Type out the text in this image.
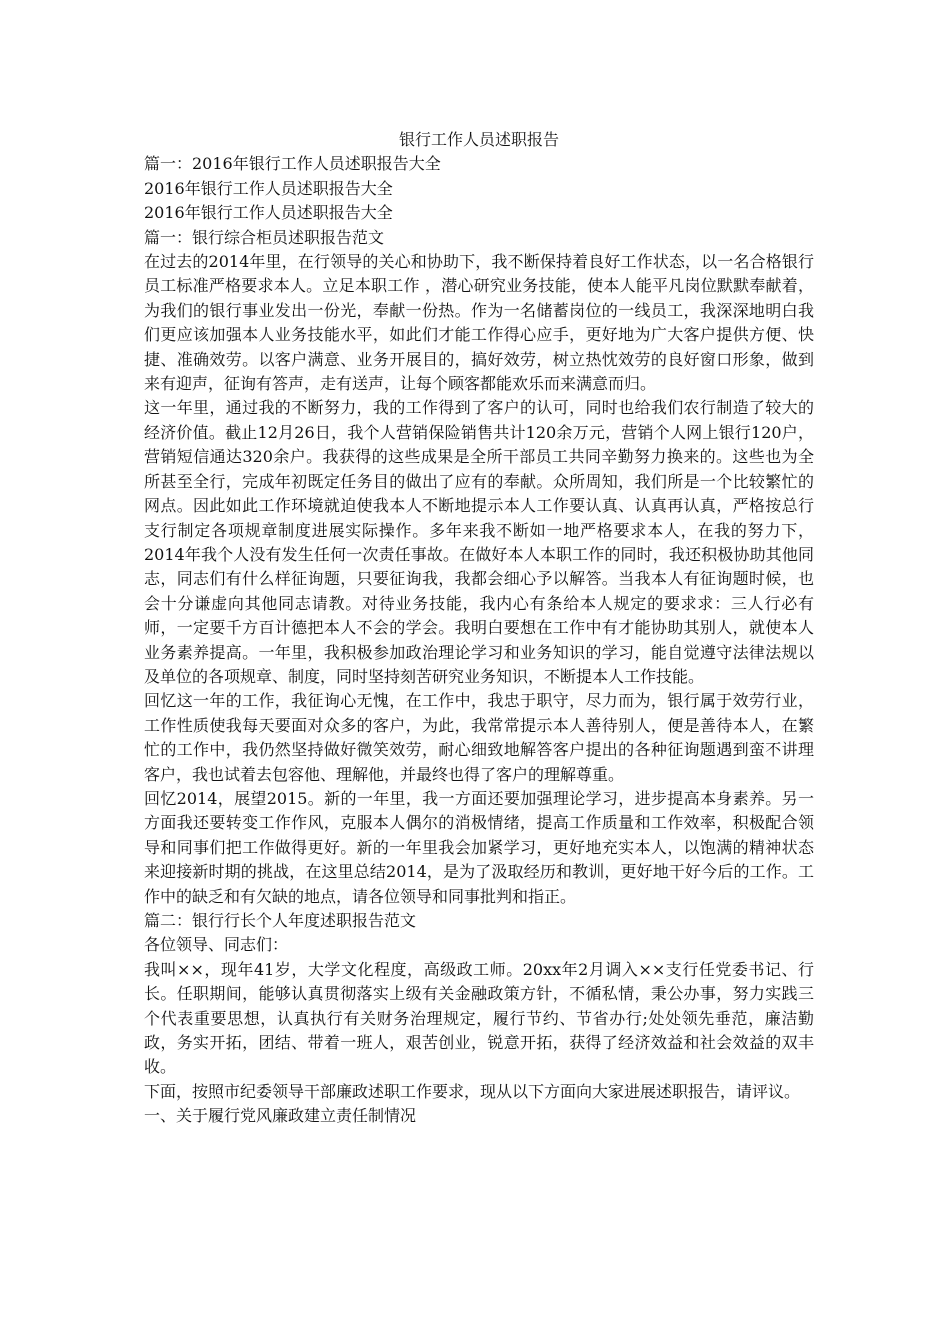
银行工作人员述职报告

篇一：2016年银行工作人员述职报告大全

2016年银行工作人员述职报告大全

2016年银行工作人员述职报告大全

篇一：银行综合柜员述职报告范文

在过去的2014年里，在行领导的关心和协助下，我不断保持着良好工作状态，以一名合格银行员工标准严格要求本人。立足本职工作 ，潜心研究业务技能，使本人能平凡岗位默默奉献着，为我们的银行事业发出一份光，奉献一份热。作为一名储蓄岗位的一线员工，我深深地明白我们更应该加强本人业务技能水平，如此们才能工作得心应手，更好地为广大客户提供方便、快捷、准确效劳。以客户满意、业务开展目的，搞好效劳，树立热忱效劳的良好窗口形象，做到来有迎声，征询有答声，走有送声，让每个顾客都能欢乐而来满意而归。

这一年里，通过我的不断努力，我的工作得到了客户的认可，同时也给我们农行制造了较大的经济价值。截止12月26日，我个人营销保险销售共计120余万元，营销个人网上银行120户，营销短信通达320余户。我获得的这些成果是全所干部员工共同辛勤努力换来的。这些也为全所甚至全行，完成年初既定任务目的做出了应有的奉献。众所周知，我们所是一个比较繁忙的网点。因此如此工作环境就迫使我本人不断地提示本人工作要认真、认真再认真，严格按总行支行制定各项规章制度进展实际操作。多年来我不断如一地严格要求本人，在我的努力下，2014年我个人没有发生任何一次责任事故。在做好本人本职工作的同时，我还积极协助其他同志，同志们有什么样征询题，只要征询我，我都会细心予以解答。当我本人有征询题时候，也会十分谦虚向其他同志请教。对待业务技能，我内心有条给本人规定的要求求：三人行必有师，一定要千方百计德把本人不会的学会。我明白要想在工作中有才能协助其别人，就使本人业务素养提高。一年里，我积极参加政治理论学习和业务知识的学习，能自觉遵守法律法规以及单位的各项规章、制度，同时坚持刻苦研究业务知识，不断提本人工作技能。

回忆这一年的工作，我征询心无愧，在工作中，我忠于职守，尽力而为，银行属于效劳行业，工作性质使我每天要面对众多的客户，为此，我常常提示本人善待别人，便是善待本人，在繁忙的工作中，我仍然坚持做好微笑效劳，耐心细致地解答客户提出的各种征询题遇到蛮不讲理客户，我也试着去包容他、理解他，并最终也得了客户的理解尊重。

回忆2014，展望2015。新的一年里，我一方面还要加强理论学习，进步提高本身素养。另一方面我还要转变工作作风，克服本人偶尔的消极情绪，提高工作质量和工作效率，积极配合领导和同事们把工作做得更好。新的一年里我会加紧学习，更好地充实本人，以饱满的精神状态来迎接新时期的挑战，在这里总结2014，是为了汲取经历和教训，更好地干好今后的工作。工作中的缺乏和有欠缺的地点，请各位领导和同事批判和指正。

篇二：银行行长个人年度述职报告范文

各位领导、同志们：

我叫××，现年41岁，大学文化程度，高级政工师。20xx年2月调入××支行任党委书记、行长。任职期间，能够认真贯彻落实上级有关金融政策方针，不循私情，秉公办事，努力实践三个代表重要思想，认真执行有关财务治理规定，履行节约、节省办行;处处领先垂范，廉洁勤政，务实开拓，团结、带着一班人，艰苦创业，锐意开拓，获得了经济效益和社会效益的双丰收。

下面，按照市纪委领导干部廉政述职工作要求，现从以下方面向大家进展述职报告，请评议。

一、关于履行党风廉政建立责任制情况
